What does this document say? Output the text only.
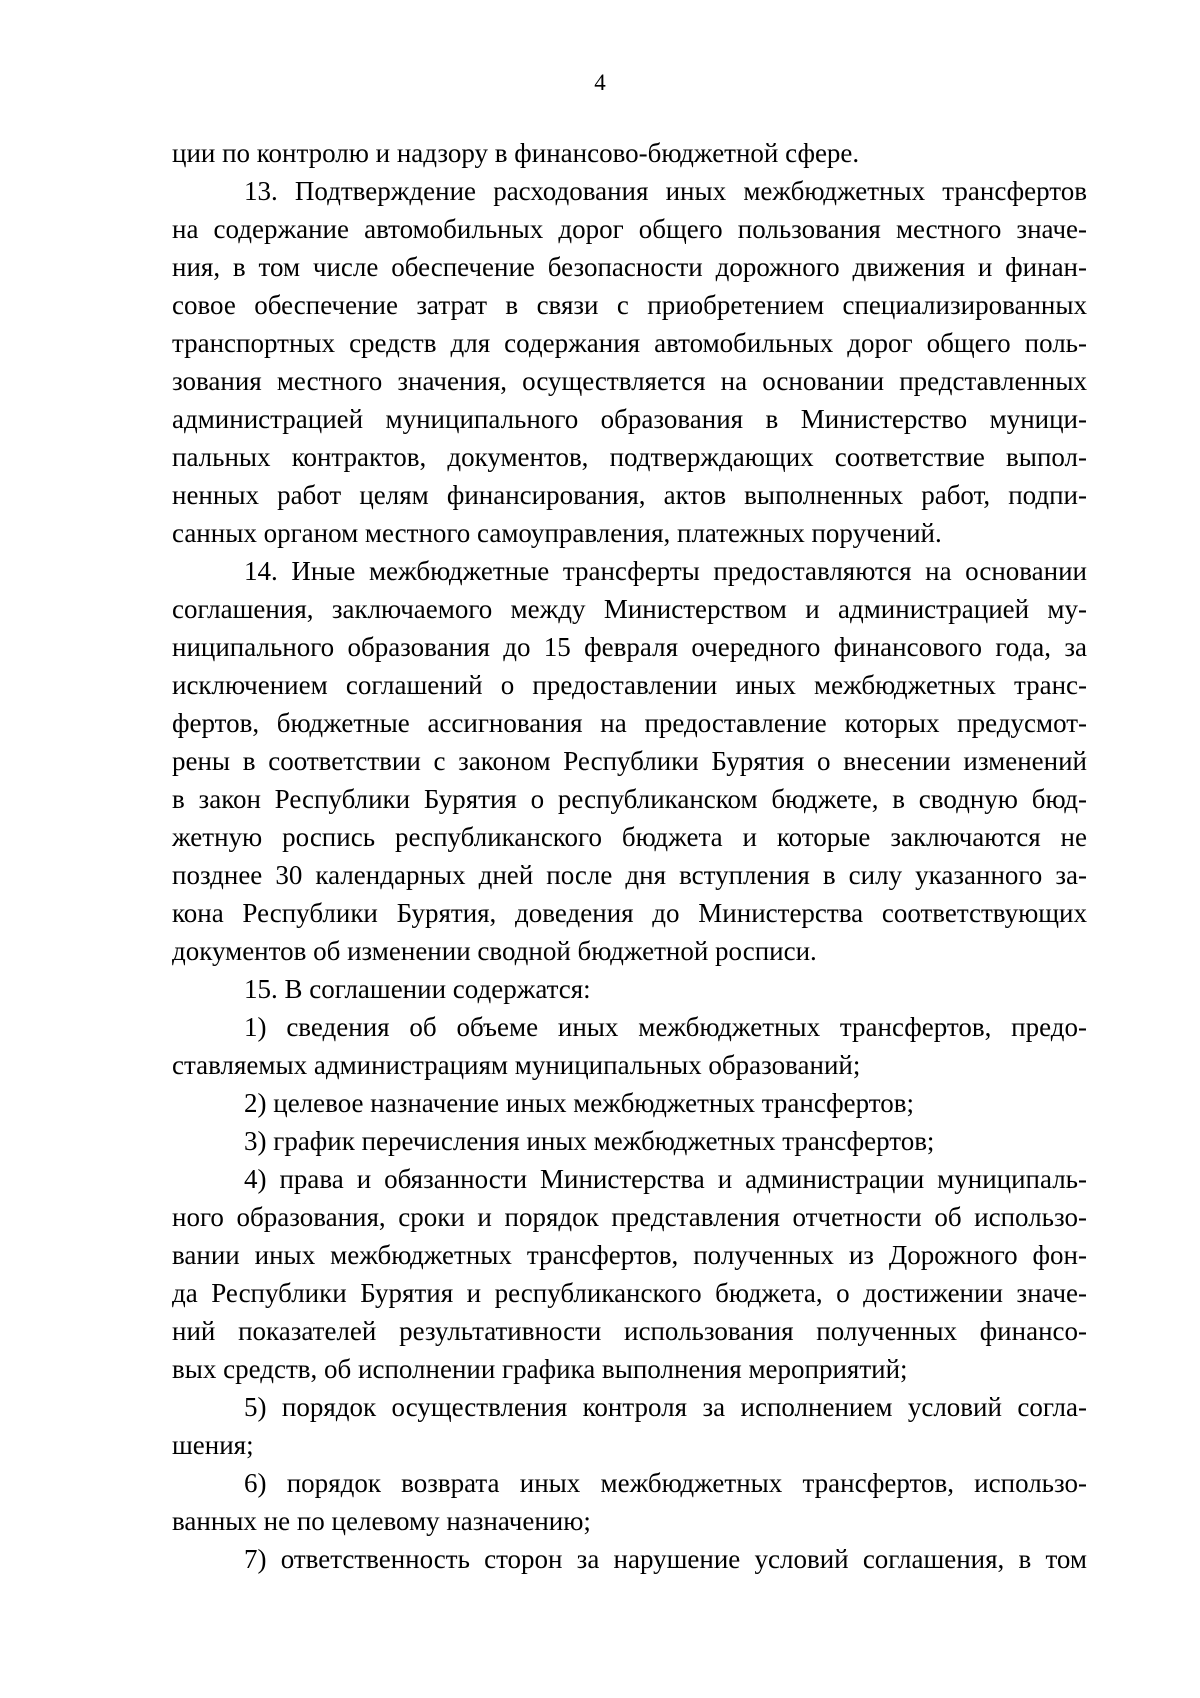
4
ции по контролю и надзору в финансово-бюджетной сфере.
13. Подтверждение расходования иных межбюджетных трансфертов
на содержание автомобильных дорог общего пользования местного значе-
ния, в том числе обеспечение безопасности дорожного движения и финан-
совое обеспечение затрат в связи с приобретением специализированных
транспортных средств для содержания автомобильных дорог общего поль-
зования местного значения, осуществляется на основании представленных
администрацией муниципального образования в Министерство муници-
пальных контрактов, документов, подтверждающих соответствие выпол-
ненных работ целям финансирования, актов выполненных работ, подпи-
санных органом местного самоуправления, платежных поручений.
14. Иные межбюджетные трансферты предоставляются на основании
соглашения, заключаемого между Министерством и администрацией му-
ниципального образования до 15 февраля очередного финансового года, за
исключением соглашений о предоставлении иных межбюджетных транс-
фертов, бюджетные ассигнования на предоставление которых предусмот-
рены в соответствии с законом Республики Бурятия о внесении изменений
в закон Республики Бурятия о республиканском бюджете, в сводную бюд-
жетную роспись республиканского бюджета и которые заключаются не
позднее 30 календарных дней после дня вступления в силу указанного за-
кона Республики Бурятия, доведения до Министерства соответствующих
документов об изменении сводной бюджетной росписи.
15. В соглашении содержатся:
1) сведения об объеме иных межбюджетных трансфертов, предо-
ставляемых администрациям муниципальных образований;
2) целевое назначение иных межбюджетных трансфертов;
3) график перечисления иных межбюджетных трансфертов;
4) права и обязанности Министерства и администрации муниципаль-
ного образования, сроки и порядок представления отчетности об использо-
вании иных межбюджетных трансфертов, полученных из Дорожного фон-
да Республики Бурятия и республиканского бюджета, о достижении значе-
ний показателей результативности использования полученных финансо-
вых средств, об исполнении графика выполнения мероприятий;
5) порядок осуществления контроля за исполнением условий согла-
шения;
6) порядок возврата иных межбюджетных трансфертов, использо-
ванных не по целевому назначению;
7) ответственность сторон за нарушение условий соглашения, в том
